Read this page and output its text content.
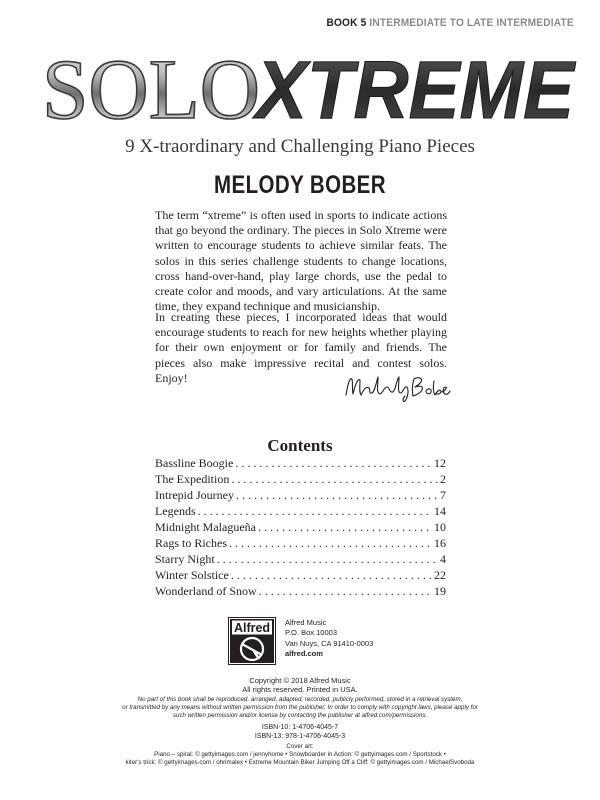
BOOK 5 INTERMEDIATE TO LATE INTERMEDIATE
SOLO
XTREME
9 X-traordinary and Challenging Piano Pieces
MELODY BOBER

The term “xtreme” is often used in sports to indicate actions that go beyond the ordinary. The pieces in Solo Xtreme were written to encourage students to achieve similar feats. The solos in this series challenge students to change locations, cross hand-over-hand, play large chords, use the pedal to create color and moods, and vary articulations. At the same time, they expand technique and musicianship.

In creating these pieces, I incorporated ideas that would encourage students to reach for new heights whether playing for their own enjoyment or for family and friends. The pieces also make impressive recital and contest solos. Enjoy!

Contents
Bassline Boogie . . .	12
The Expedition . . .	2
Intrepid Journey . . .	7
Legends . . .	14
Midnight Malagueña . . .	10
Rags to Riches . . .	16
Starry Night . . .	4
Winter Solstice . . .	22
Wonderland of Snow . . .	19
Alfred Alfred Music
P.O. Box 10003
Van Nuys, CA 91410-0003
alfred.com
Copyright © 2018 Alfred Music
All rights reserved. Printed in USA.
No part of this book shall be reproduced, arranged, adapted, recorded, publicly performed, stored in a retrieval system,
or transmitted by any means without written permission from the publisher. In order to comply with copyright laws, please apply for
such written permission and/or license by contacting the publisher at alfred.com/permissions.
ISBN-10: 1-4706-4045-7
ISBN-13: 978-1-4706-4045-3
Cover art:
Piano – spiral: © gettyimages.com / jennyhome • Snowboarder in Action: © gettyimages.com / Sportstock •
kiter's trick: © gettyimages.com / ohrimalex • Extreme Mountain Biker Jumping Off a Cliff: © gettyimages.com / MichaelSvoboda
